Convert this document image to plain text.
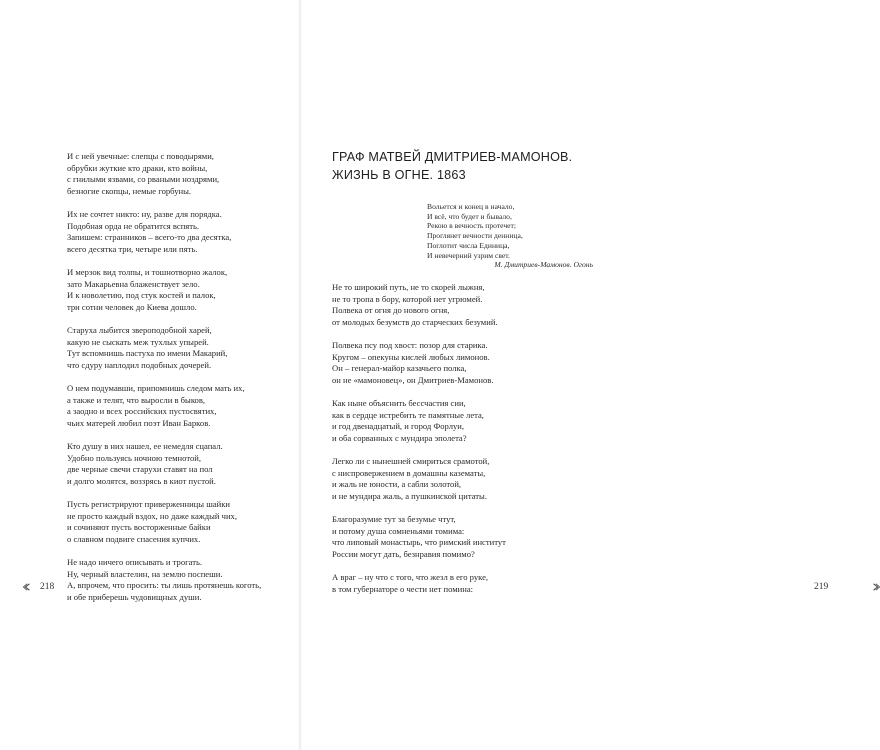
И с ней увечные: слепцы с поводырями,
обрубки жуткие кто драки, кто войны,
с гнилыми язвами, со рваными ноздрями,
безногие скопцы, немые горбуны.
Их не сочтет никто: ну, разве для порядка.
Подобная орда не обратится вспять.
Запишем: странников – всего-то два десятка,
всего десятка три, четыре или пять.
И мерзок вид толпы, и тошнотворно жалок,
зато Макарьевна блаженствует зело.
И к новолетию, под стук костей и палок,
три сотни человек до Киева дошло.
Старуха лыбится звероподобной харей,
какую не сыскать меж тухлых упырей.
Тут вспомнишь пастуха по имени Макарий,
что сдуру наплодил подобных дочерей.
О нем подумавши, припомнишь следом мать их,
а также и телят, что выросли в быков,
а заодно и всех российских пустосвятих,
чьих матерей любил поэт Иван Барков.
Кто душу в них нашел, ее немедля сцапал.
Удобно пользуясь ночною темнотой,
две черные свечи старухи ставят на пол
и долго молятся, воззрясь в киот пустой.
Пусть регистрируют приверженницы шайки
не просто каждый вздох, но даже каждый чих,
и сочиняют пусть восторженные байки
о славном подвиге спасения купчих.
Не надо ничего описывать и трогать.
Ну, черный властелин, на землю поспеши.
А, впрочем, что просить: ты лишь протянешь коготь,
и обе приберешь чудовищных души.
218
ГРАФ МАТВЕЙ ДМИТРИЕВ-МАМОНОВ.
ЖИЗНЬ В ОГНЕ. 1863
Вольется и конец в начало,
И всё, что будет и бывало,
Рекою в вечность протечет;
Проглянет вечности денница,
Поглотит числа Единица,
И невечерний узрим свет.
М. Дмитриев-Мамонов. Огонь
Не то широкий путь, не то скорей лыжня,
не то тропа в бору, которой нет угрюмей.
Полвека от огня до нового огня,
от молодых безумств до старческих безумий.
Полвека псу под хвост: позор для старика.
Кругом – опекуны кислей любых лимонов.
Он – генерал-майор казачьего полка,
он не «мамоновец», он Дмитриев-Мамонов.
Как ныне объяснить бессчастия сии,
как в сердце истребить те памятные лета,
и год двенадцатый, и город Форлуи,
и оба сорванных с мундира эполета?
Легко ли с нынешней смириться срамотой,
с ниспровержением в домашны казематы,
и жаль не юности, а сабли золотой,
и не мундира жаль, а пушкинской цитаты.
Благоразумие тут за безумье чтут,
и потому душа сомненьями томима:
что липовый монастырь, что римский институт
России могут дать, безнравия помимо?
А враг – ну что с того, что жезл в его руке,
в том губернаторе о чести нет помина:	219
